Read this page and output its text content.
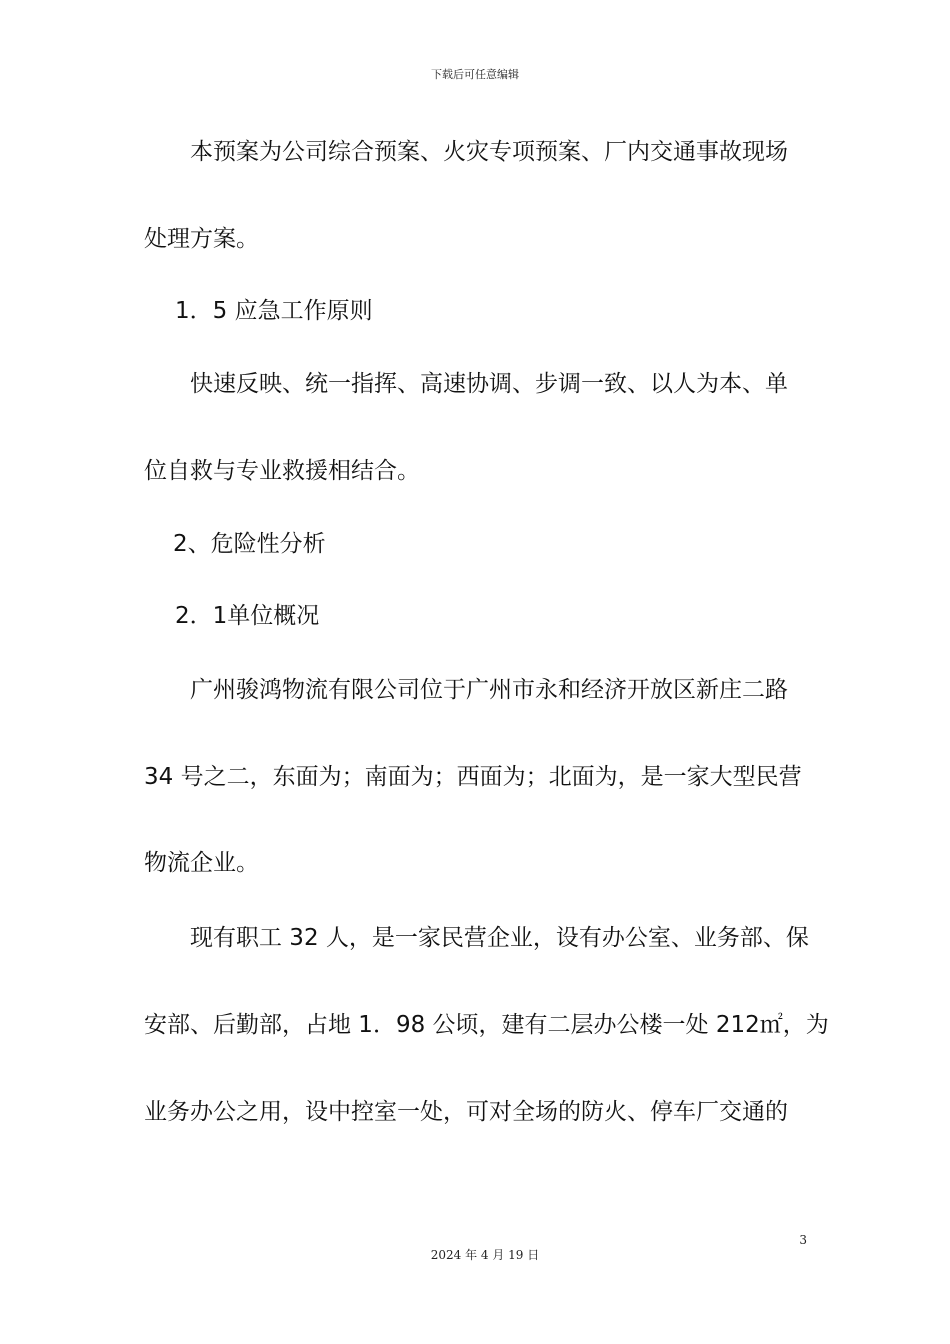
下载后可任意编辑
本预案为公司综合预案、火灾专项预案、厂内交通事故现场
处理方案。
1．5 应急工作原则
快速反映、统一指挥、高速协调、步调一致、以人为本、单
位自救与专业救援相结合。
2、危险性分析
2．1单位概况
广州骏鸿物流有限公司位于广州市永和经济开放区新庄二路
34 号之二，东面为；南面为；西面为；北面为，是一家大型民营
物流企业。
现有职工 32 人，是一家民营企业，设有办公室、业务部、保
安部、后勤部，占地 1．98 公顷，建有二层办公楼一处 212㎡，为
业务办公之用，设中控室一处，可对全场的防火、停车厂交通的
3
2024 年 4 月 19 日
